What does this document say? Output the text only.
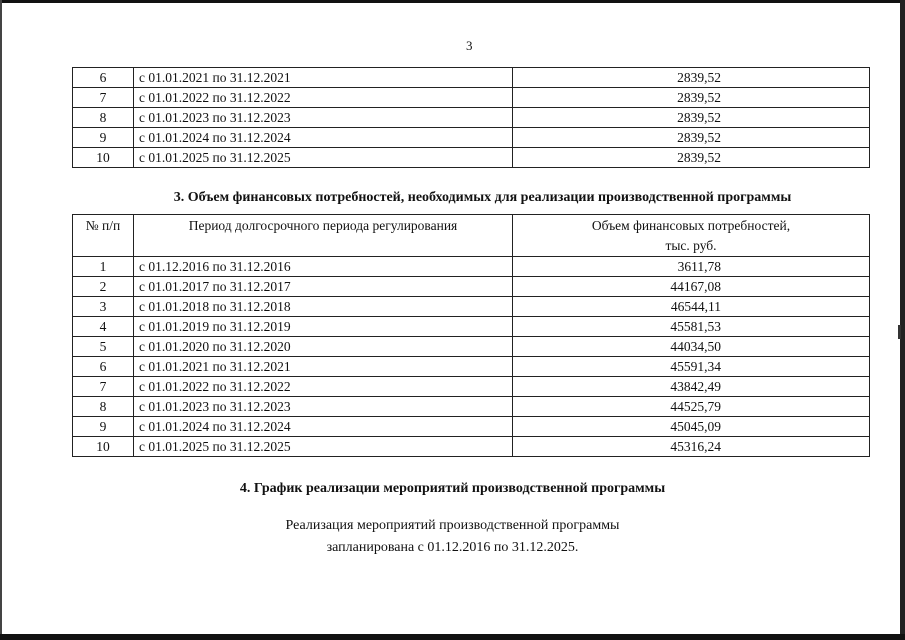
3
6	с 01.01.2021 по 31.12.2021	2839,52
7	с 01.01.2022 по 31.12.2022	2839,52
8	с 01.01.2023 по 31.12.2023	2839,52
9	с 01.01.2024 по 31.12.2024	2839,52
10	с 01.01.2025 по 31.12.2025	2839,52
3. Объем финансовых потребностей, необходимых для реализации производственной программы
№ п/п	Период долгосрочного периода регулирования	Объем финансовых потребностей,
тыс. руб.

1	с 01.12.2016 по 31.12.2016	3611,78
2	с 01.01.2017 по 31.12.2017	44167,08
3	с 01.01.2018 по 31.12.2018	46544,11
4	с 01.01.2019 по 31.12.2019	45581,53
5	с 01.01.2020 по 31.12.2020	44034,50
6	с 01.01.2021 по 31.12.2021	45591,34
7	с 01.01.2022 по 31.12.2022	43842,49
8	с 01.01.2023 по 31.12.2023	44525,79
9	с 01.01.2024 по 31.12.2024	45045,09
10	с 01.01.2025 по 31.12.2025	45316,24
4. График реализации мероприятий производственной программы
Реализация мероприятий производственной программы
запланирована с 01.12.2016 по 31.12.2025.
